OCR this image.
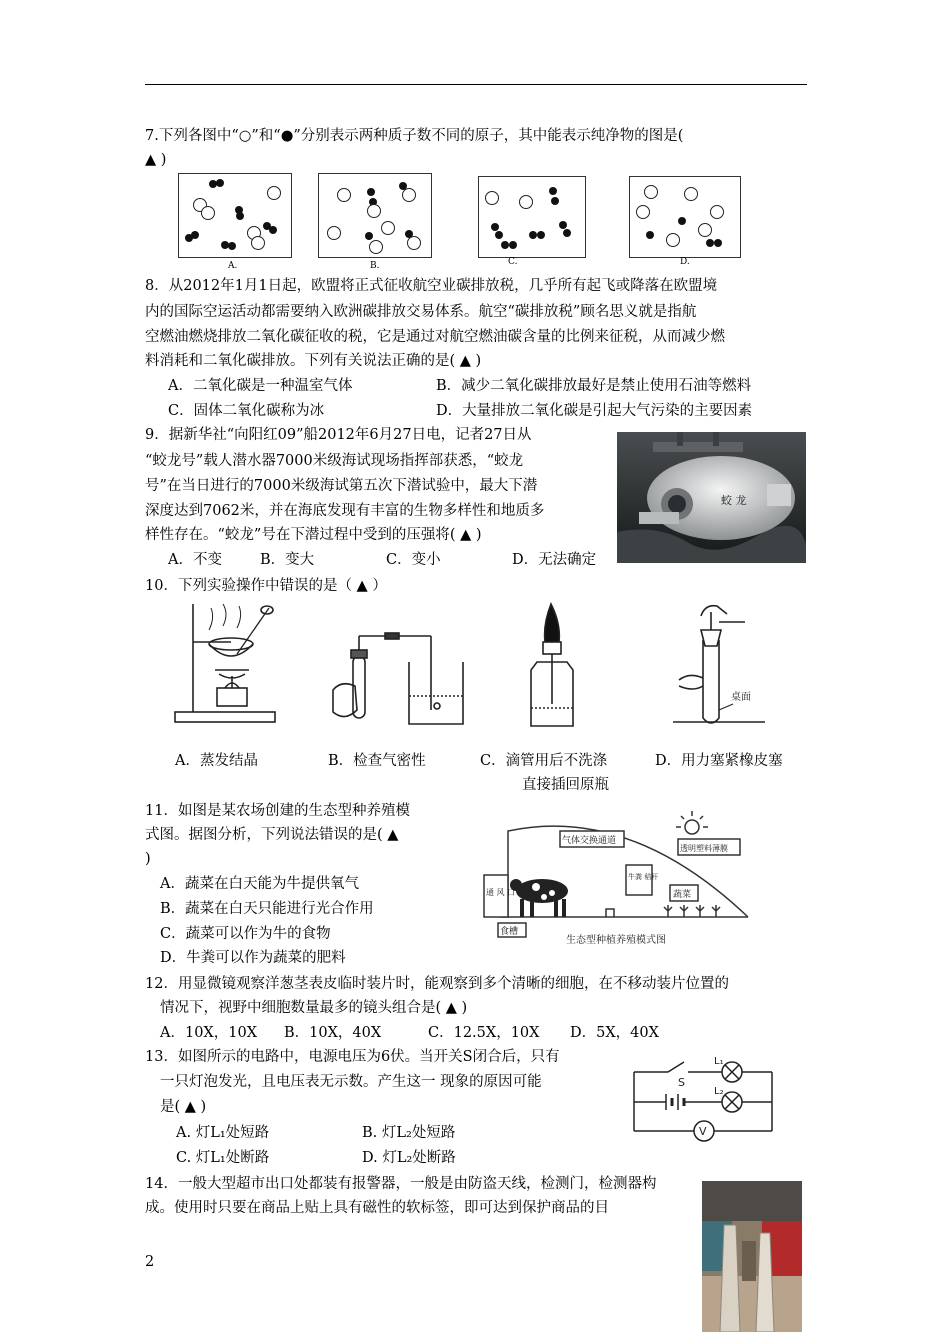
7.下列各图中“○”和“●”分别表示两种质子数不同的原子，其中能表示纯净物的图是(
▲ )
A.	B.	C.	D.
8．从2012年1月1日起，欧盟将正式征收航空业碳排放税，几乎所有起飞或降落在欧盟境
内的国际空运活动都需要纳入欧洲碳排放交易体系。航空“碳排放税”顾名思义就是指航
空燃油燃烧排放二氧化碳征收的税，它是通过对航空燃油碳含量的比例来征税，从而减少燃
料消耗和二氧化碳排放。下列有关说法正确的是( ▲ )
A．二氧化碳是一种温室气体	B．减少二氧化碳排放最好是禁止使用石油等燃料
C．固体二氧化碳称为冰	D．大量排放二氧化碳是引起大气污染的主要因素
9．据新华社“向阳红09”船2012年6月27日电，记者27日从
“蛟龙号”载人潜水器7000米级海试现场指挥部获悉，“蛟龙
号”在当日进行的7000米级海试第五次下潜试验中，最大下潜
深度达到7062米，并在海底发现有丰富的生物多样性和地质多
样性存在。“蛟龙”号在下潜过程中受到的压强将( ▲ )
A．不变	B．变大	C．变小	D．无法确定
蛟 龙
10．下列实验操作中错误的是（ ▲ ）
桌面
A．蒸发结晶	B．检查气密性	C．滴管用后不洗涤
直接插回原瓶
D．用力塞紧橡皮塞
11．如图是某农场创建的生态型种养殖模
式图。据图分析，下列说法错误的是( ▲
)
A．蔬菜在白天能为牛提供氧气
B．蔬菜在白天只能进行光合作用
C．蔬菜可以作为牛的食物
D．牛粪可以作为蔬菜的肥料
气体交换通道
透明塑料薄膜
通 风 口
牛粪 秸秆
蔬菜
食槽
生态型种植养殖模式图
12．用显微镜观察洋葱茎表皮临时装片时，能观察到多个清晰的细胞，在不移动装片位置的
情况下，视野中细胞数量最多的镜头组合是( ▲ )
A．10X，10X B．10X，40X	C．12.5X，10X D．5X，40X
13．如图所示的电路中，电源电压为6伏。当开关S闭合后，只有
一只灯泡发光，且电压表无示数。产生这一 现象的原因可能
是( ▲ )
A. 灯L₁处短路	B. 灯L₂处短路
C. 灯L₁处断路	D. 灯L₂处断路
S
L₁
L₂
V
14．一般大型超市出口处都装有报警器，一般是由防盗天线，检测门，检测器构
成。使用时只要在商品上贴上具有磁性的软标签，即可达到保护商品的目
2
